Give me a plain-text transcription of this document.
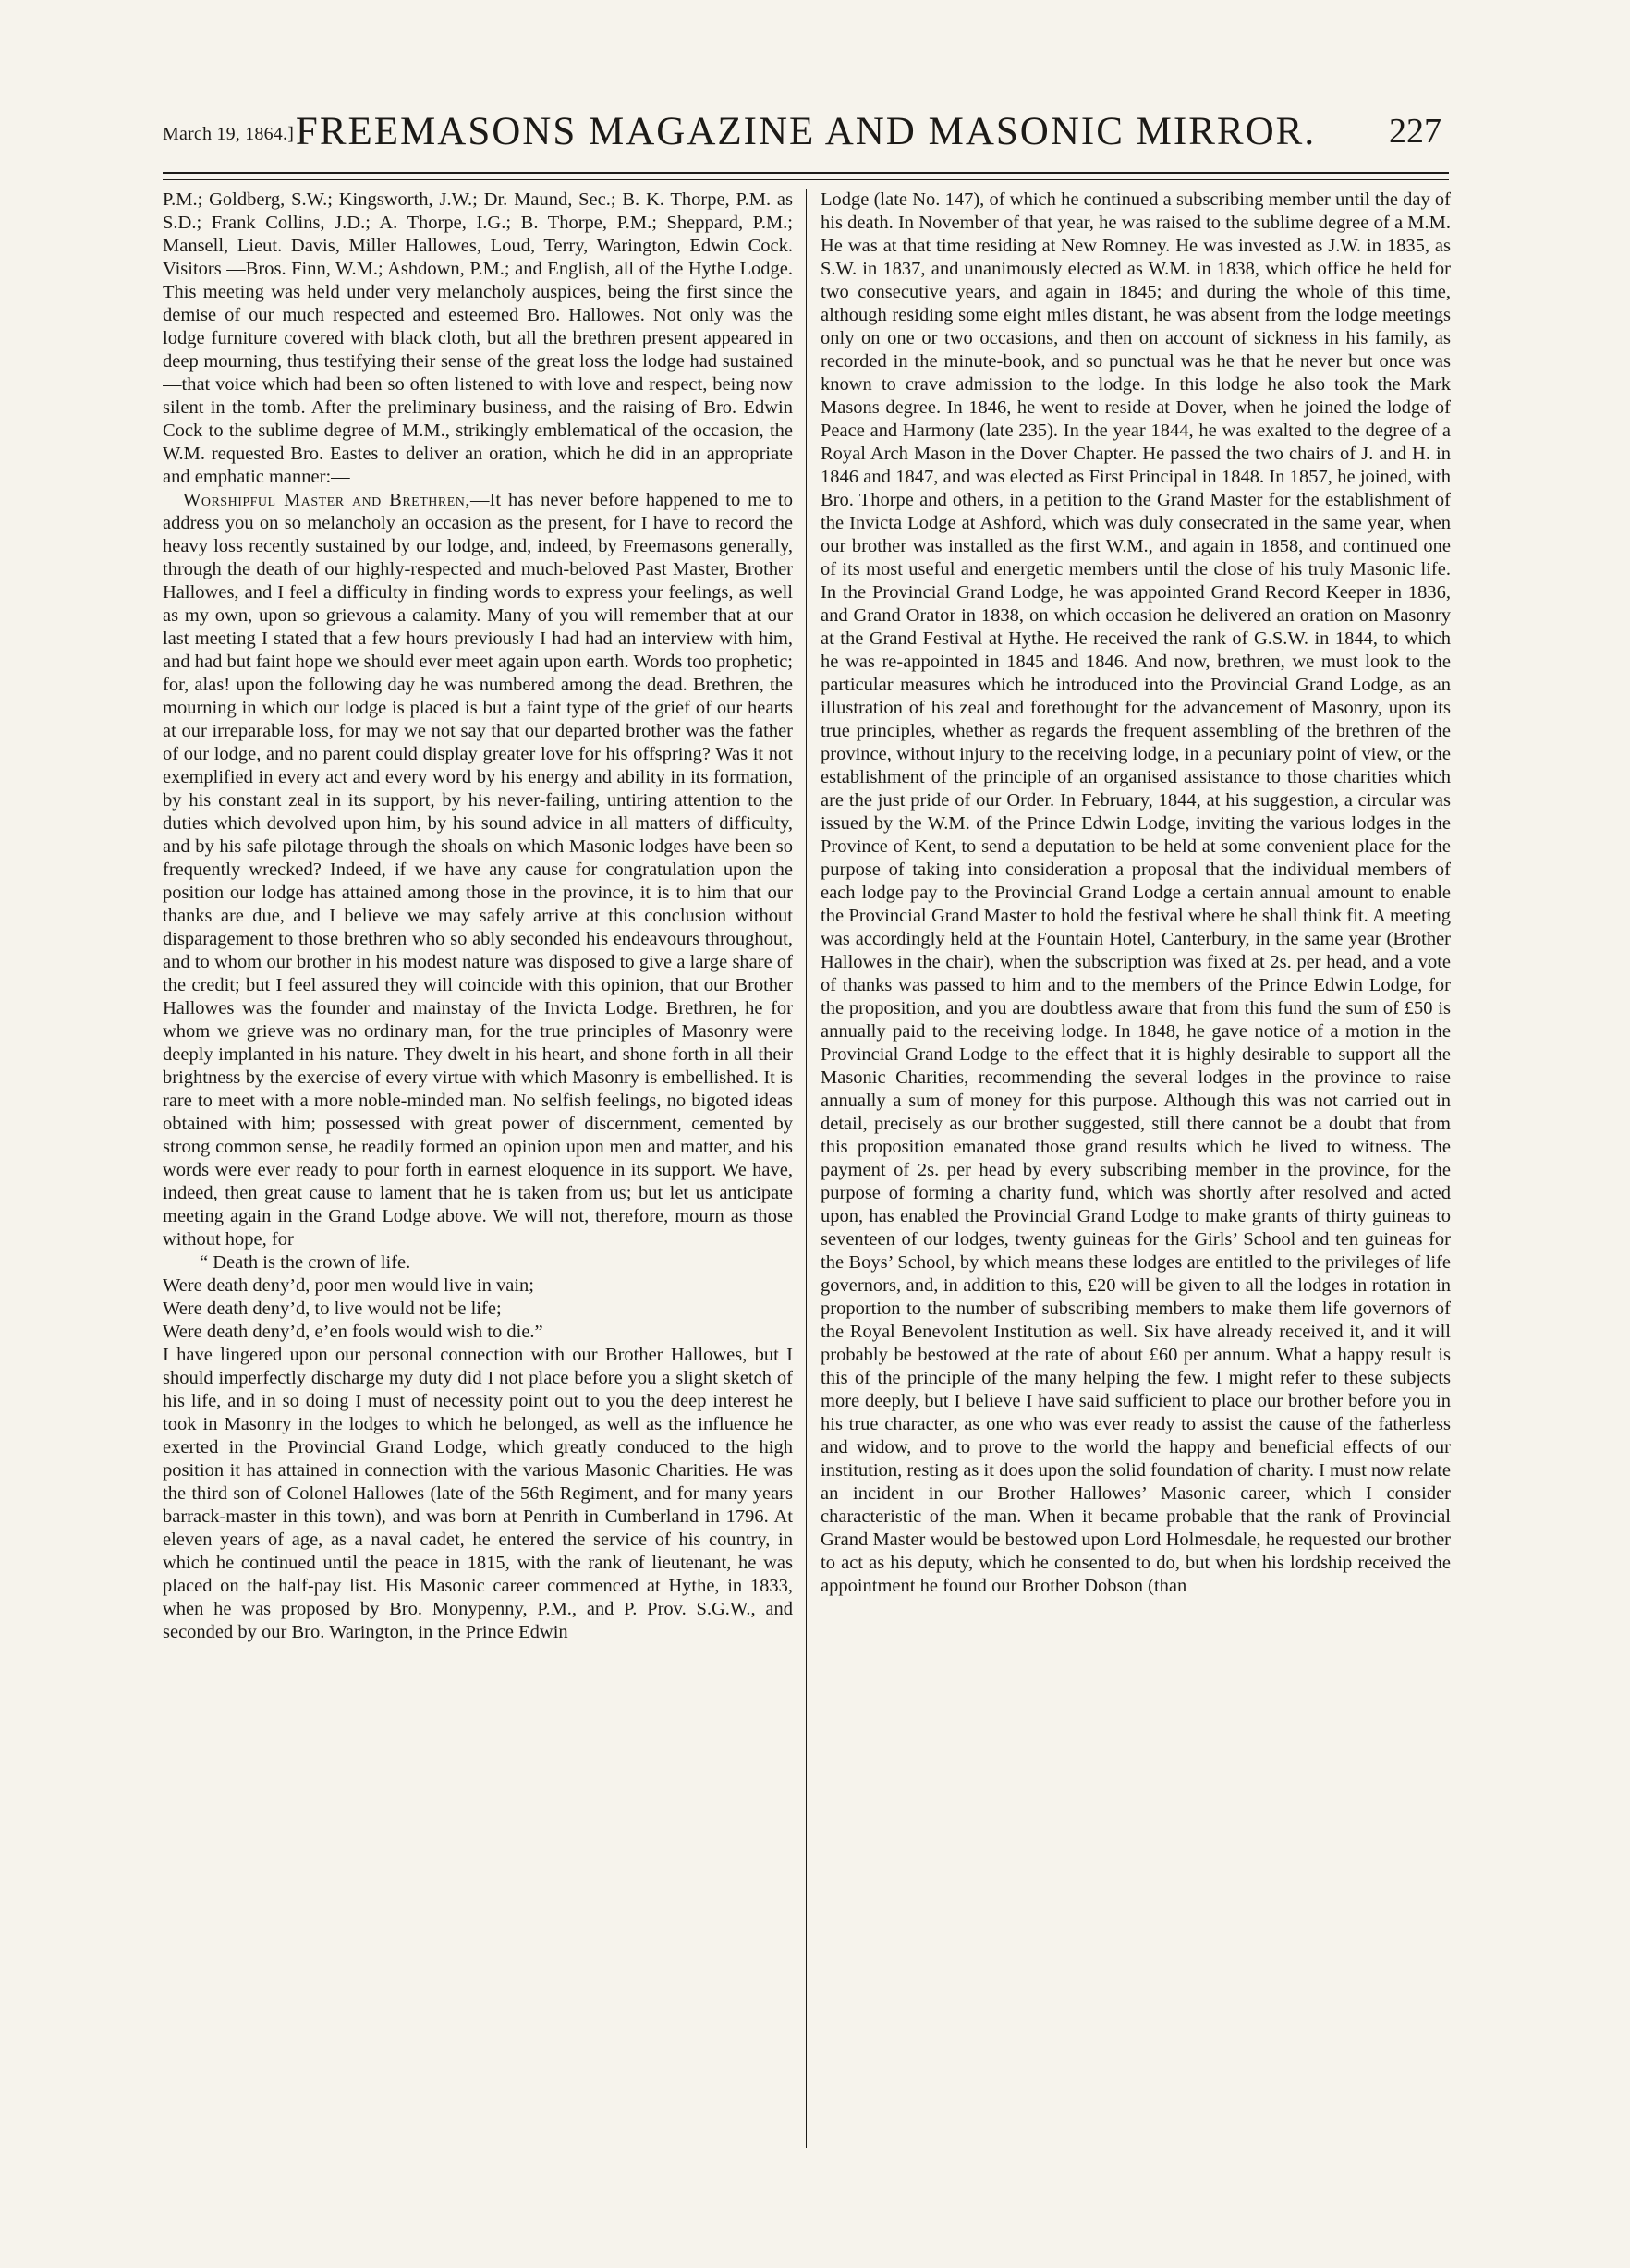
March 19, 1864.] FREEMASONS MAGAZINE AND MASONIC MIRROR.	227

P.M.; Goldberg, S.W.; Kingsworth, J.W.; Dr. Maund, Sec.; B. K. Thorpe, P.M. as S.D.; Frank Collins, J.D.; A. Thorpe, I.G.; B. Thorpe, P.M.; Sheppard, P.M.; Mansell, Lieut. Davis, Miller Hallowes, Loud, Terry, Warington, Edwin Cock. Visitors —Bros. Finn, W.M.; Ashdown, P.M.; and English, all of the Hythe Lodge. This meeting was held under very melancholy auspices, being the first since the demise of our much respected and esteemed Bro. Hallowes. Not only was the lodge furniture covered with black cloth, but all the brethren present appeared in deep mourning, thus testifying their sense of the great loss the lodge had sustained—that voice which had been so often listened to with love and respect, being now silent in the tomb. After the preliminary business, and the raising of Bro. Edwin Cock to the sublime degree of M.M., strikingly emblematical of the occasion, the W.M. requested Bro. Eastes to deliver an oration, which he did in an appropriate and emphatic manner:—

Worshipful Master and Brethren,—It has never before happened to me to address you on so melancholy an occasion as the present, for I have to record the heavy loss recently sustained by our lodge, and, indeed, by Freemasons generally, through the death of our highly-respected and much-beloved Past Master, Brother Hallowes, and I feel a difficulty in finding words to express your feelings, as well as my own, upon so grievous a calamity. Many of you will remember that at our last meeting I stated that a few hours previously I had had an interview with him, and had but faint hope we should ever meet again upon earth. Words too prophetic; for, alas! upon the following day he was numbered among the dead. Brethren, the mourning in which our lodge is placed is but a faint type of the grief of our hearts at our irreparable loss, for may we not say that our departed brother was the father of our lodge, and no parent could display greater love for his offspring? Was it not exemplified in every act and every word by his energy and ability in its formation, by his constant zeal in its support, by his never-failing, untiring attention to the duties which devolved upon him, by his sound advice in all matters of difficulty, and by his safe pilotage through the shoals on which Masonic lodges have been so frequently wrecked? Indeed, if we have any cause for congratulation upon the position our lodge has attained among those in the province, it is to him that our thanks are due, and I believe we may safely arrive at this conclusion without disparagement to those brethren who so ably seconded his endeavours throughout, and to whom our brother in his modest nature was disposed to give a large share of the credit; but I feel assured they will coincide with this opinion, that our Brother Hallowes was the founder and mainstay of the Invicta Lodge. Brethren, he for whom we grieve was no ordinary man, for the true principles of Masonry were deeply implanted in his nature. They dwelt in his heart, and shone forth in all their brightness by the exercise of every virtue with which Masonry is embellished. It is rare to meet with a more noble-minded man. No selfish feelings, no bigoted ideas obtained with him; possessed with great power of discernment, cemented by strong common sense, he readily formed an opinion upon men and matter, and his words were ever ready to pour forth in earnest eloquence in its support. We have, indeed, then great cause to lament that he is taken from us; but let us anticipate meeting again in the Grand Lodge above. We will not, therefore, mourn as those without hope, for

“ Death is the crown of life.
Were death deny’d, poor men would live in vain;
Were death deny’d, to live would not be life;
Were death deny’d, e’en fools would wish to die.”

I have lingered upon our personal connection with our Brother Hallowes, but I should imperfectly discharge my duty did I not place before you a slight sketch of his life, and in so doing I must of necessity point out to you the deep interest he took in Masonry in the lodges to which he belonged, as well as the influence he exerted in the Provincial Grand Lodge, which greatly conduced to the high position it has attained in connection with the various Masonic Charities. He was the third son of Colonel Hallowes (late of the 56th Regiment, and for many years barrack-master in this town), and was born at Penrith in Cumberland in 1796. At eleven years of age, as a naval cadet, he entered the service of his country, in which he continued until the peace in 1815, with the rank of lieutenant, he was placed on the half-pay list. His Masonic career commenced at Hythe, in 1833, when he was proposed by Bro. Monypenny, P.M., and P. Prov. S.G.W., and seconded by our Bro. Warington, in the Prince Edwin

Lodge (late No. 147), of which he continued a subscribing member until the day of his death. In November of that year, he was raised to the sublime degree of a M.M. He was at that time residing at New Romney. He was invested as J.W. in 1835, as S.W. in 1837, and unanimously elected as W.M. in 1838, which office he held for two consecutive years, and again in 1845; and during the whole of this time, although residing some eight miles distant, he was absent from the lodge meetings only on one or two occasions, and then on account of sickness in his family, as recorded in the minute-book, and so punctual was he that he never but once was known to crave admission to the lodge. In this lodge he also took the Mark Masons degree. In 1846, he went to reside at Dover, when he joined the lodge of Peace and Harmony (late 235). In the year 1844, he was exalted to the degree of a Royal Arch Mason in the Dover Chapter. He passed the two chairs of J. and H. in 1846 and 1847, and was elected as First Principal in 1848. In 1857, he joined, with Bro. Thorpe and others, in a petition to the Grand Master for the establishment of the Invicta Lodge at Ashford, which was duly consecrated in the same year, when our brother was installed as the first W.M., and again in 1858, and continued one of its most useful and energetic members until the close of his truly Masonic life. In the Provincial Grand Lodge, he was appointed Grand Record Keeper in 1836, and Grand Orator in 1838, on which occasion he delivered an oration on Masonry at the Grand Festival at Hythe. He received the rank of G.S.W. in 1844, to which he was re-appointed in 1845 and 1846. And now, brethren, we must look to the particular measures which he introduced into the Provincial Grand Lodge, as an illustration of his zeal and forethought for the advancement of Masonry, upon its true principles, whether as regards the frequent assembling of the brethren of the province, without injury to the receiving lodge, in a pecuniary point of view, or the establishment of the principle of an organised assistance to those charities which are the just pride of our Order. In February, 1844, at his suggestion, a circular was issued by the W.M. of the Prince Edwin Lodge, inviting the various lodges in the Province of Kent, to send a deputation to be held at some convenient place for the purpose of taking into consideration a proposal that the individual members of each lodge pay to the Provincial Grand Lodge a certain annual amount to enable the Provincial Grand Master to hold the festival where he shall think fit. A meeting was accordingly held at the Fountain Hotel, Canterbury, in the same year (Brother Hallowes in the chair), when the subscription was fixed at 2s. per head, and a vote of thanks was passed to him and to the members of the Prince Edwin Lodge, for the proposition, and you are doubtless aware that from this fund the sum of £50 is annually paid to the receiving lodge. In 1848, he gave notice of a motion in the Provincial Grand Lodge to the effect that it is highly desirable to support all the Masonic Charities, recommending the several lodges in the province to raise annually a sum of money for this purpose. Although this was not carried out in detail, precisely as our brother suggested, still there cannot be a doubt that from this proposition emanated those grand results which he lived to witness. The payment of 2s. per head by every subscribing member in the province, for the purpose of forming a charity fund, which was shortly after resolved and acted upon, has enabled the Provincial Grand Lodge to make grants of thirty guineas to seventeen of our lodges, twenty guineas for the Girls’ School and ten guineas for the Boys’ School, by which means these lodges are entitled to the privileges of life governors, and, in addition to this, £20 will be given to all the lodges in rotation in proportion to the number of subscribing members to make them life governors of the Royal Benevolent Institution as well. Six have already received it, and it will probably be bestowed at the rate of about £60 per annum. What a happy result is this of the principle of the many helping the few. I might refer to these subjects more deeply, but I believe I have said sufficient to place our brother before you in his true character, as one who was ever ready to assist the cause of the fatherless and widow, and to prove to the world the happy and beneficial effects of our institution, resting as it does upon the solid foundation of charity. I must now relate an incident in our Brother Hallowes’ Masonic career, which I consider characteristic of the man. When it became probable that the rank of Provincial Grand Master would be bestowed upon Lord Holmesdale, he requested our brother to act as his deputy, which he consented to do, but when his lordship received the appointment he found our Brother Dobson (than
